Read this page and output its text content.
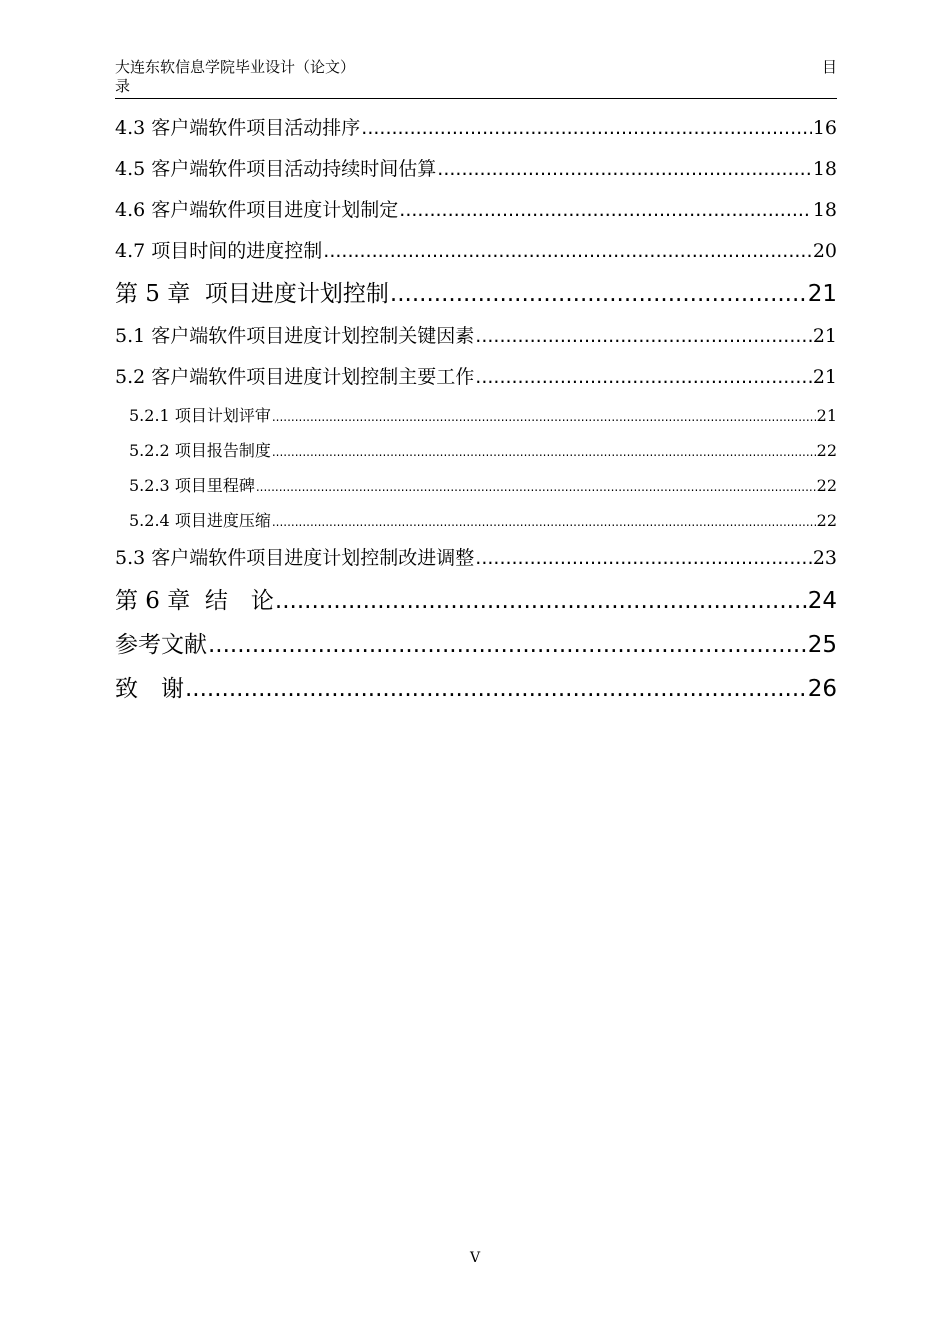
大连东软信息学院毕业设计（论文）
录
目
4.3 客户端软件项目活动排序 .....	16
4.5 客户端软件项目活动持续时间估算 .....	18
4.6 客户端软件项目进度计划制定 .....	18
4.7 项目时间的进度控制 .....	20
第 5 章 项目进度计划控制 .....	21
5.1 客户端软件项目进度计划控制关键因素 .....	21
5.2 客户端软件项目进度计划控制主要工作 .....	21
5.2.1 项目计划评审 .....	21
5.2.2 项目报告制度 .....	22
5.2.3 项目里程碑 .....	22
5.2.4 项目进度压缩 .....	22
5.3 客户端软件项目进度计划控制改进调整 .....	23
第 6 章 结　论 .....	24
参考文献 .....	25
致　谢 .....	26
V
